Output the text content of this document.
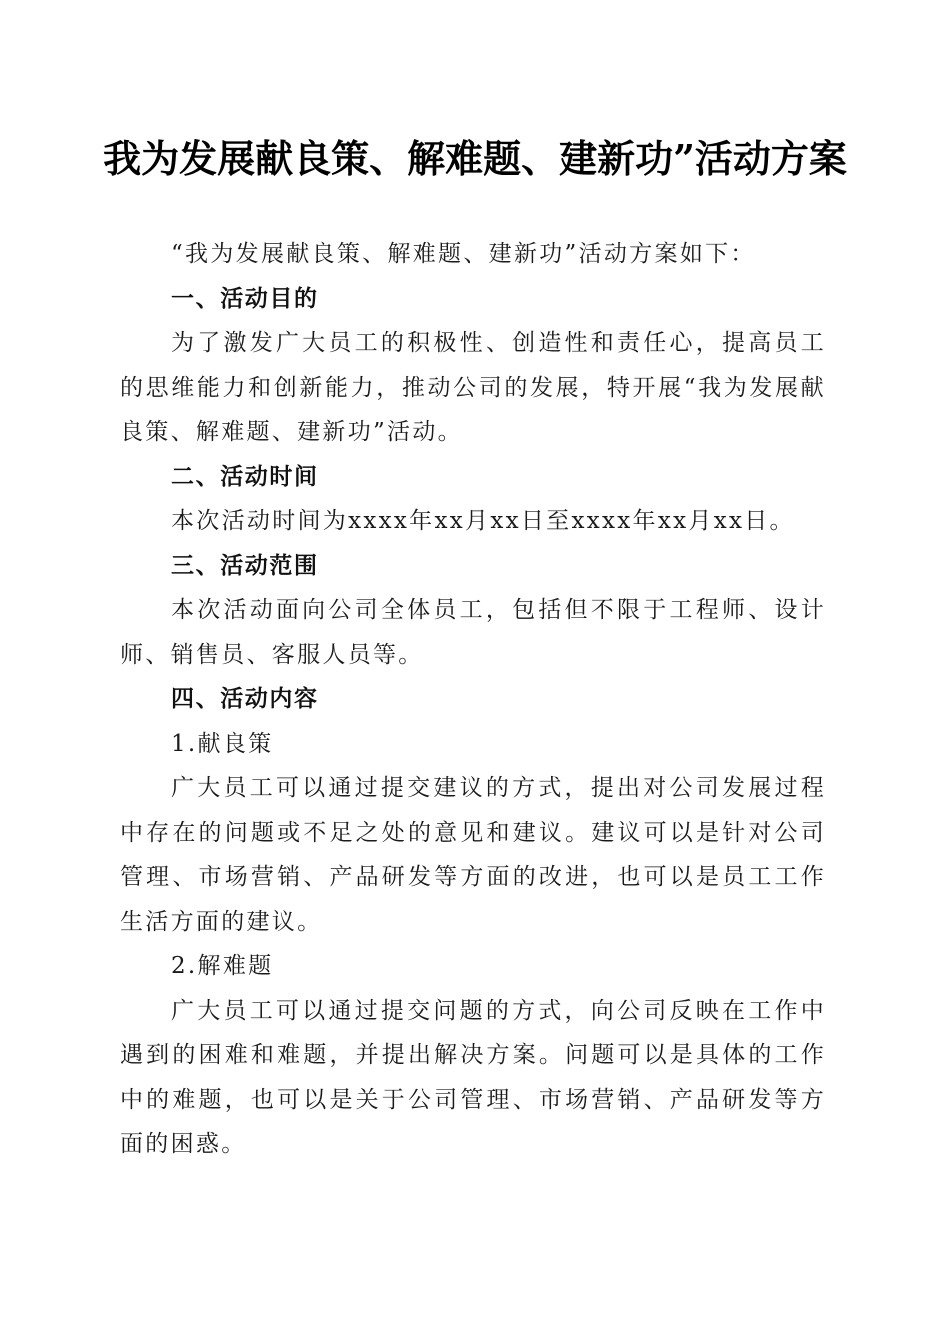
我为发展献良策、解难题、建新功”活动方案

“我为发展献良策、解难题、建新功”活动方案如下：

一、活动目的

为了激发广大员工的积极性、创造性和责任心，提高员工的思维能力和创新能力，推动公司的发展，特开展“我为发展献良策、解难题、建新功”活动。

二、活动时间

本次活动时间为xxxx年xx月xx日至xxxx年xx月xx日。

三、活动范围

本次活动面向公司全体员工，包括但不限于工程师、设计师、销售员、客服人员等。

四、活动内容

1.献良策

广大员工可以通过提交建议的方式，提出对公司发展过程中存在的问题或不足之处的意见和建议。建议可以是针对公司管理、市场营销、产品研发等方面的改进，也可以是员工工作生活方面的建议。

2.解难题

广大员工可以通过提交问题的方式，向公司反映在工作中遇到的困难和难题，并提出解决方案。问题可以是具体的工作中的难题，也可以是关于公司管理、市场营销、产品研发等方面的困惑。
